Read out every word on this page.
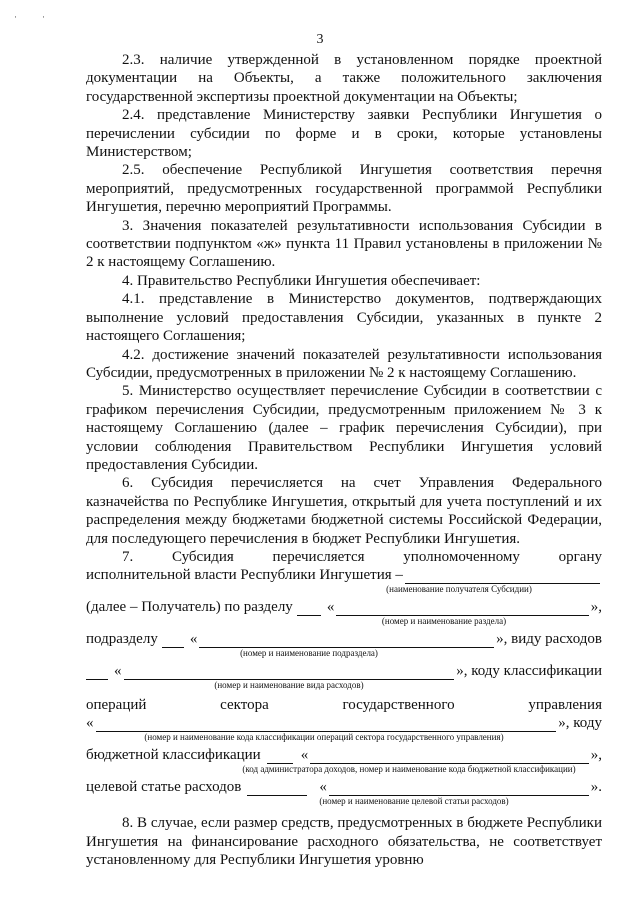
·	·
3

2.3. наличие утвержденной в установленном порядке проектной документации на Объекты, а также положительного заключения государственной экспертизы проектной документации на Объекты;

2.4. представление Министерству заявки Республики Ингушетия о перечислении субсидии по форме и в сроки, которые установлены Министерством;

2.5. обеспечение Республикой Ингушетия соответствия перечня мероприятий, предусмотренных государственной программой Республики Ингушетия, перечню мероприятий Программы.

3. Значения показателей результативности использования Субсидии в соответствии подпунктом «ж» пункта 11 Правил установлены в приложении № 2 к настоящему Соглашению.

4. Правительство Республики Ингушетия обеспечивает:

4.1. представление в Министерство документов, подтверждающих выполнение условий предоставления Субсидии, указанных в пункте 2 настоящего Соглашения;

4.2. достижение значений показателей результативности использования Субсидии, предусмотренных в приложении № 2 к настоящему Соглашению.

5. Министерство осуществляет перечисление Субсидии в соответствии с графиком перечисления Субсидии, предусмотренным приложением № 3 к настоящему Соглашению (далее – график перечисления Субсидии), при условии соблюдения Правительством Республики Ингушетия условий предоставления Субсидии.

6. Субсидия перечисляется на счет Управления Федерального казначейства по Республике Ингушетия, открытый для учета поступлений и их распределения между бюджетами бюджетной системы Российской Федерации, для последующего перечисления в бюджет Республики Ингушетия.

7. Субсидия перечисляется уполномоченному органу

исполнительной власти Республики Ингушетия –
(наименование получателя Субсидии)
(далее – Получатель) по разделу «	»,
(номер и наименование раздела)
подразделу «	», виду расходов
(номер и наименование подраздела)
«	», коду классификации
(номер и наименование вида расходов)
операций	сектора	государственного	управления
«	», коду
(номер и наименование кода классификации операций сектора государственного управления)
бюджетной классификации	«	»,
(код администратора доходов, номер и наименование кода бюджетной классификации)
целевой статье расходов	«	».
(номер и наименование целевой статьи расходов)

8. В случае, если размер средств, предусмотренных в бюджете Республики Ингушетия на финансирование расходного обязательства, не соответствует установленному для Республики Ингушетия уровню
